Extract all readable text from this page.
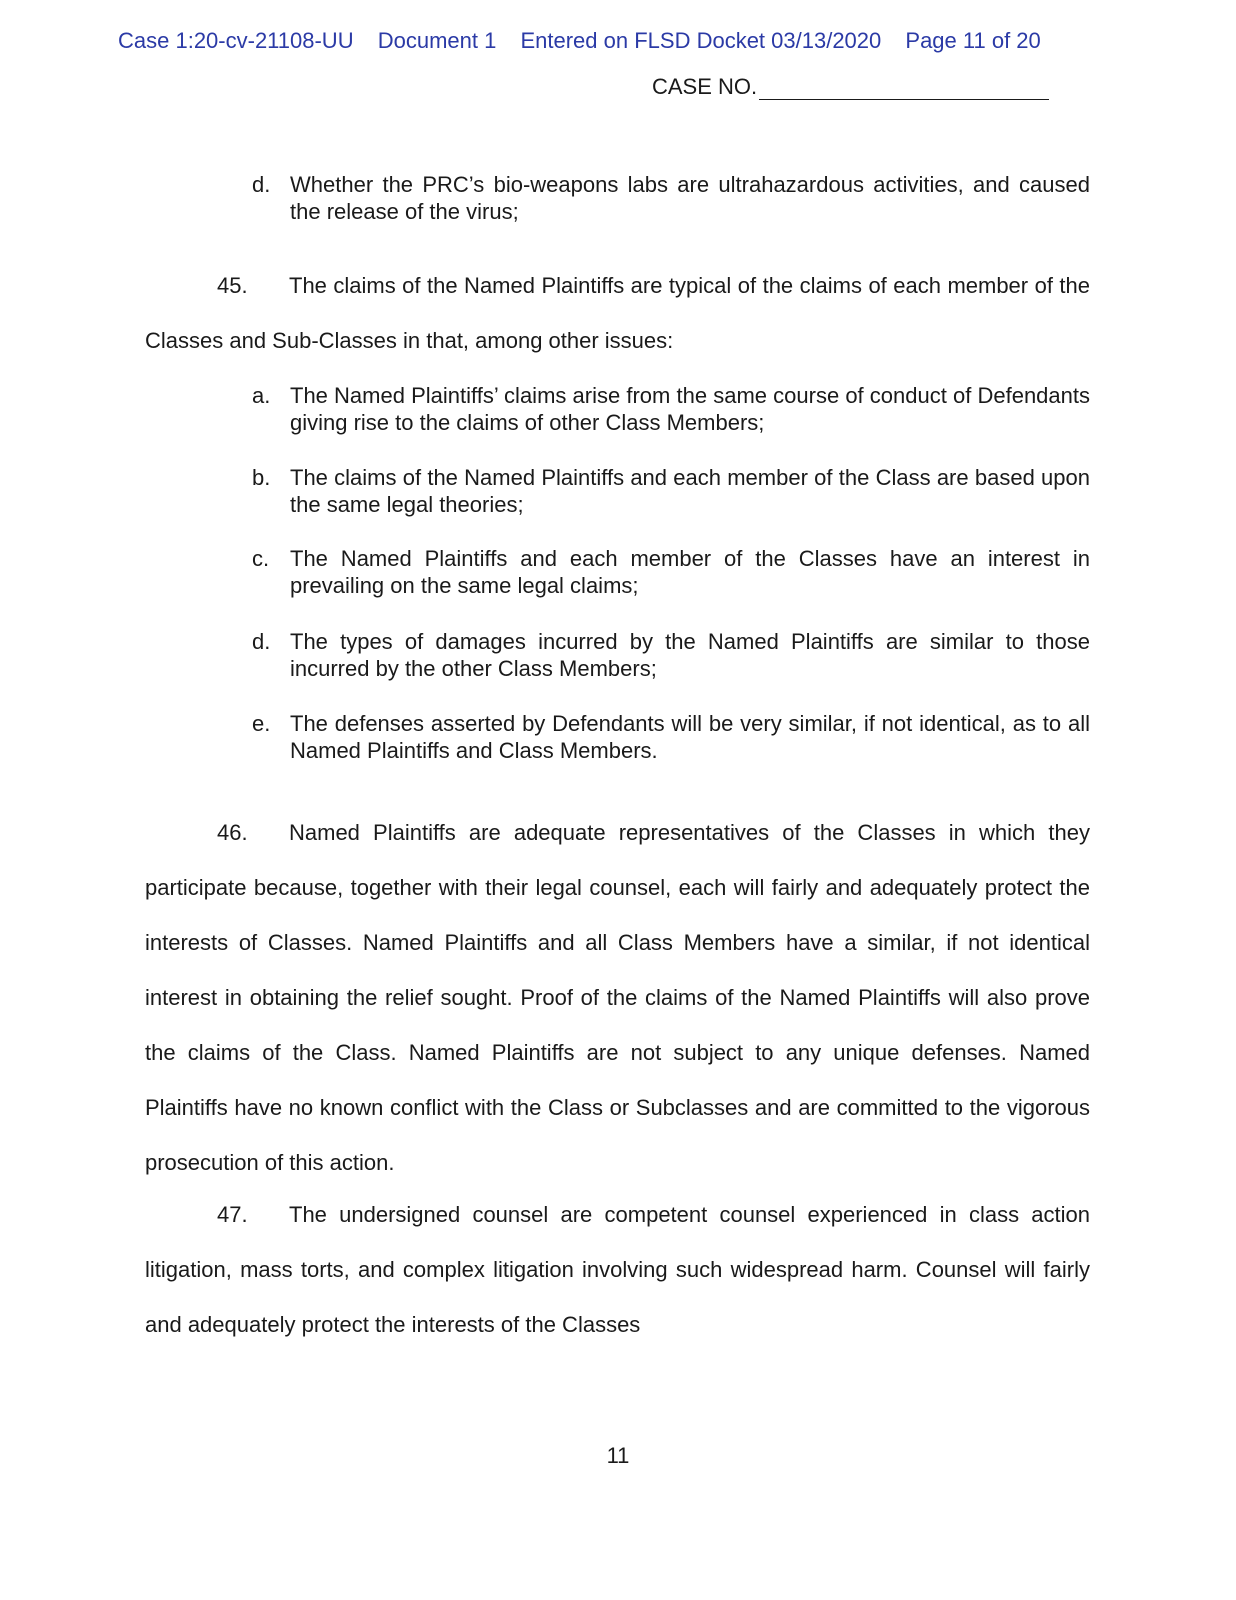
Case 1:20-cv-21108-UU Document 1 Entered on FLSD Docket 03/13/2020 Page 11 of 20
CASE NO.
d. Whether the PRC’s bio-weapons labs are ultrahazardous activities, and caused the release of the virus;
45. The claims of the Named Plaintiffs are typical of the claims of each member of the Classes and Sub-Classes in that, among other issues:
a. The Named Plaintiffs’ claims arise from the same course of conduct of Defendants giving rise to the claims of other Class Members;
b. The claims of the Named Plaintiffs and each member of the Class are based upon the same legal theories;
c. The Named Plaintiffs and each member of the Classes have an interest in prevailing on the same legal claims;
d. The types of damages incurred by the Named Plaintiffs are similar to those incurred by the other Class Members;
e. The defenses asserted by Defendants will be very similar, if not identical, as to all Named Plaintiffs and Class Members.
46. Named Plaintiffs are adequate representatives of the Classes in which they participate because, together with their legal counsel, each will fairly and adequately protect the interests of Classes. Named Plaintiffs and all Class Members have a similar, if not identical interest in obtaining the relief sought. Proof of the claims of the Named Plaintiffs will also prove the claims of the Class. Named Plaintiffs are not subject to any unique defenses. Named Plaintiffs have no known conflict with the Class or Subclasses and are committed to the vigorous prosecution of this action.
47. The undersigned counsel are competent counsel experienced in class action litigation, mass torts, and complex litigation involving such widespread harm. Counsel will fairly and adequately protect the interests of the Classes
11
